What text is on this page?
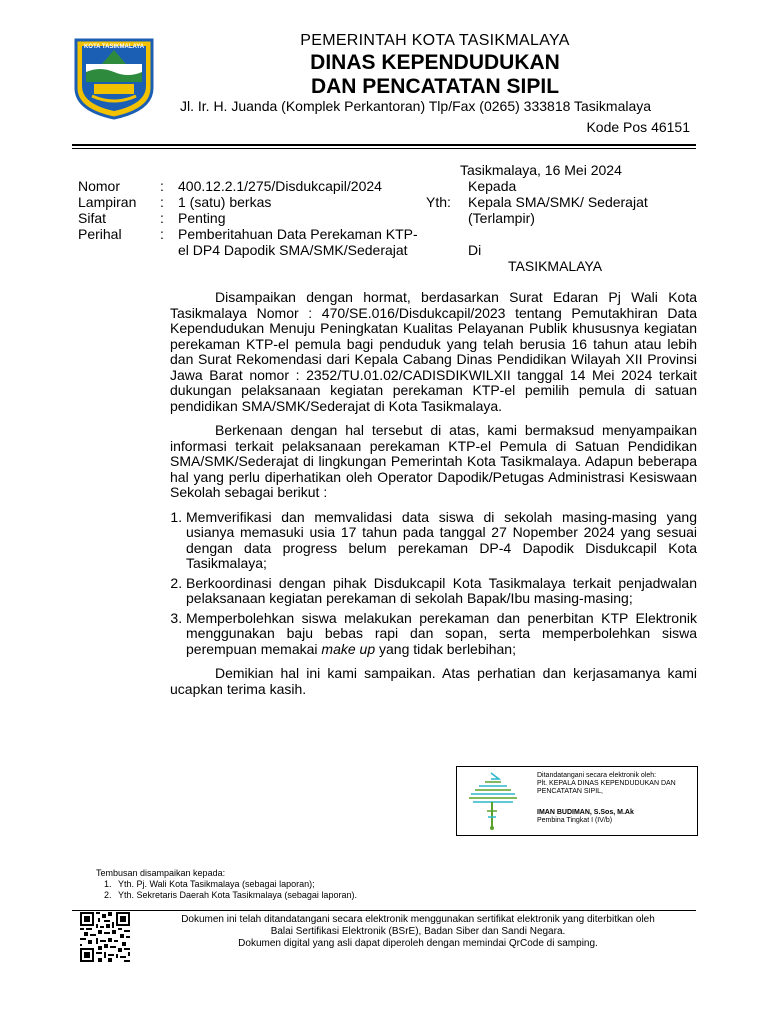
KOTA TASIKMALAYA	PEMERINTAH KOTA TASIKMALAYA
DINAS KEPENDUDUKAN
DAN PENCATATAN SIPIL
Jl. Ir. H. Juanda (Komplek Perkantoran) Tlp/Fax (0265) 333818 Tasikmalaya
Kode Pos 46151
Tasikmalaya, 16 Mei 2024
Kepada
Yth: Kepala SMA/SMK/ Sederajat
(Terlampir)
Di
TASIKMALAYA
Nomor	:	400.12.2.1/275/Disdukcapil/2024
Lampiran	:	1 (satu) berkas
Sifat	:	Penting
Perihal	:	Pemberitahuan Data Perekaman KTP-el DP4 Dapodik SMA/SMK/Sederajat

Disampaikan dengan hormat, berdasarkan Surat Edaran Pj Wali Kota Tasikmalaya Nomor : 470/SE.016/Disdukcapil/2023 tentang Pemutakhiran Data Kependudukan Menuju Peningkatan Kualitas Pelayanan Publik khususnya kegiatan perekaman KTP-el pemula bagi penduduk yang telah berusia 16 tahun atau lebih dan Surat Rekomendasi dari Kepala Cabang Dinas Pendidikan Wilayah XII Provinsi Jawa Barat nomor : 2352/TU.01.02/CADISDIKWILXII tanggal 14 Mei 2024 terkait dukungan pelaksanaan kegiatan perekaman KTP-el pemilih pemula di satuan pendidikan SMA/SMK/Sederajat di Kota Tasikmalaya.

Berkenaan dengan hal tersebut di atas, kami bermaksud menyampaikan informasi terkait pelaksanaan perekaman KTP-el Pemula di Satuan Pendidikan SMA/SMK/Sederajat di lingkungan Pemerintah Kota Tasikmalaya. Adapun beberapa hal yang perlu diperhatikan oleh Operator Dapodik/Petugas Administrasi Kesiswaan Sekolah sebagai berikut :

1. Memverifikasi dan memvalidasi data siswa di sekolah masing-masing yang usianya memasuki usia 17 tahun pada tanggal 27 Nopember 2024 yang sesuai dengan data progress belum perekaman DP-4 Dapodik Disdukcapil Kota Tasikmalaya;
2. Berkoordinasi dengan pihak Disdukcapil Kota Tasikmalaya terkait penjadwalan pelaksanaan kegiatan perekaman di sekolah Bapak/Ibu masing-masing;
3. Memperbolehkan siswa melakukan perekaman dan penerbitan KTP Elektronik menggunakan baju bebas rapi dan sopan, serta memperbolehkan siswa perempuan memakai make up yang tidak berlebihan;

Demikian hal ini kami sampaikan. Atas perhatian dan kerjasamanya kami ucapkan terima kasih.

Ditandatangani secara elektronik oleh:
Plt. KEPALA DINAS KEPENDUDUKAN DAN PENCATATAN SIPIL,
IMAN BUDIMAN, S.Sos, M.Ak
Pembina Tingkat I (IV/b)
Tembusan disampaikan kepada:
1. Yth. Pj. Wali Kota Tasikmalaya (sebagai laporan);
2. Yth. Sekretaris Daerah Kota Tasikmalaya (sebagai laporan).
Dokumen ini telah ditandatangani secara elektronik menggunakan sertifikat elektronik yang diterbitkan oleh
Balai Sertifikasi Elektronik (BSrE), Badan Siber dan Sandi Negara.
Dokumen digital yang asli dapat diperoleh dengan memindai QrCode di samping.
